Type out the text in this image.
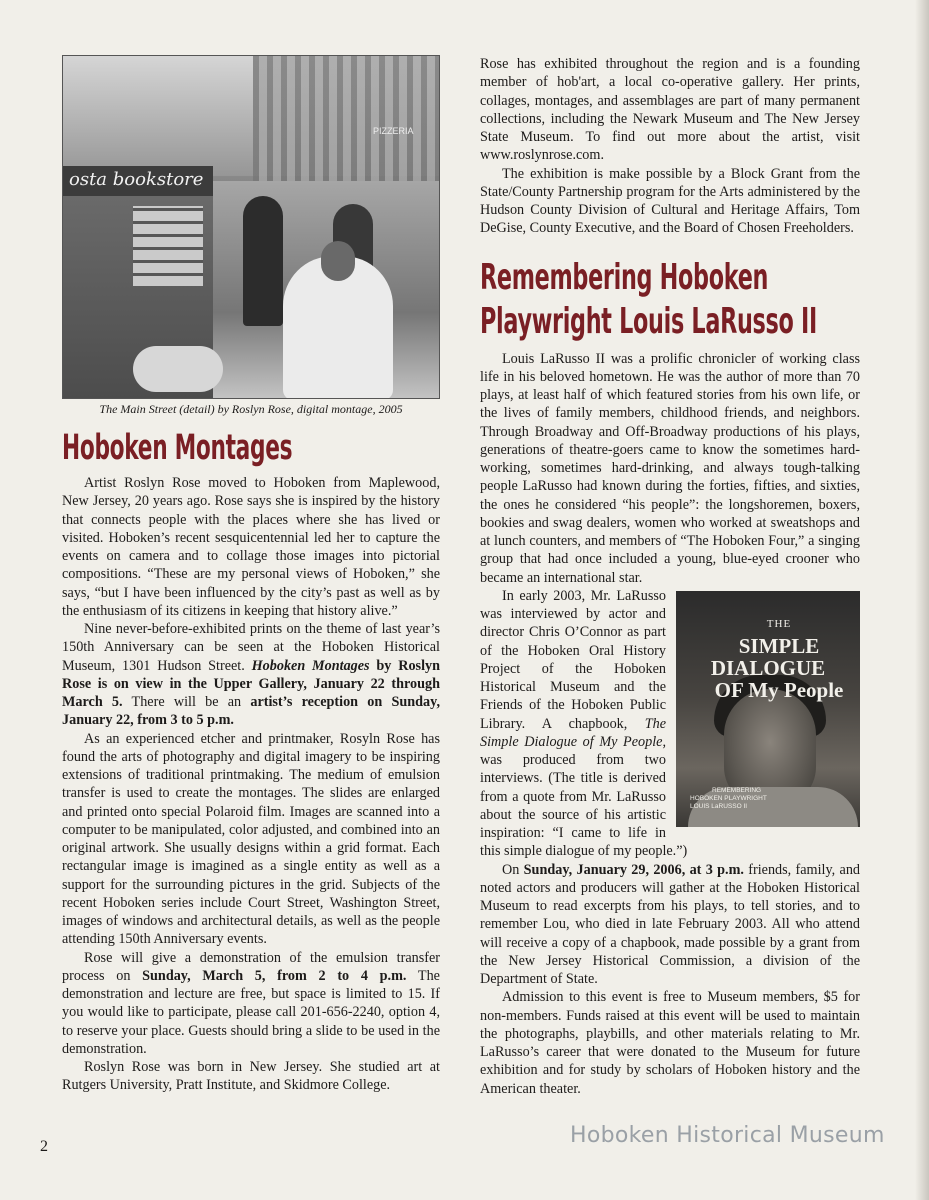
PIZZERIA
osta bookstore
The Main Street (detail) by Roslyn Rose, digital montage, 2005
Hoboken Montages

Artist Roslyn Rose moved to Hoboken from Maplewood, New Jersey, 20 years ago. Rose says she is inspired by the history that connects people with the places where she has lived or visited. Hoboken’s recent sesquicentennial led her to capture the events on camera and to collage those images into pictorial compositions. “These are my personal views of Hoboken,” she says, “but I have been influenced by the city’s past as well as by the enthusiasm of its citizens in keeping that history alive.”

Nine never-before-exhibited prints on the theme of last year’s 150th Anniversary can be seen at the Hoboken Historical Museum, 1301 Hudson Street. Hoboken Montages by Roslyn Rose is on view in the Upper Gallery, January 22 through March 5. There will be an artist’s reception on Sunday, January 22, from 3 to 5 p.m.

As an experienced etcher and printmaker, Rosyln Rose has found the arts of photography and digital imagery to be inspiring extensions of traditional printmaking. The medium of emulsion transfer is used to create the montages. The slides are enlarged and printed onto special Polaroid film. Images are scanned into a computer to be manipulated, color adjusted, and combined into an original artwork. She usually designs within a grid format. Each rectangular image is imagined as a single entity as well as a support for the surrounding pictures in the grid. Subjects of the recent Hoboken series include Court Street, Washington Street, images of windows and architectural details, as well as the people attending 150th Anniversary events.

Rose will give a demonstration of the emulsion transfer process on Sunday, March 5, from 2 to 4 p.m. The demonstration and lecture are free, but space is limited to 15. If you would like to participate, please call 201-656-2240, option 4, to reserve your place. Guests should bring a slide to be used in the demonstration.

Roslyn Rose was born in New Jersey. She studied art at Rutgers University, Pratt Institute, and Skidmore College.

Rose has exhibited throughout the region and is a founding member of hob'art, a local co-operative gallery. Her prints, collages, montages, and assemblages are part of many permanent collections, including the Newark Museum and The New Jersey State Museum. To find out more about the artist, visit www.roslynrose.com.

The exhibition is make possible by a Block Grant from the State/County Partnership program for the Arts administered by the Hudson County Division of Cultural and Heritage Affairs, Tom DeGise, County Executive, and the Board of Chosen Freeholders.

Remembering Hoboken
Playwright Louis LaRusso II

Louis LaRusso II was a prolific chronicler of working class life in his beloved hometown. He was the author of more than 70 plays, at least half of which featured stories from his own life, or the lives of family members, childhood friends, and neighbors. Through Broadway and Off-Broadway productions of his plays, generations of theatre-goers came to know the sometimes hard-working, sometimes hard-drinking, and always tough-talking people LaRusso had known during the forties, fifties, and sixties, the ones he considered “his people”: the longshoremen, boxers, bookies and swag dealers, women who worked at sweatshops and at lunch counters, and members of “The Hoboken Four,” a singing group that had once included a young, blue-eyed crooner who became an international star.

THE
SIMPLE DIALOGUE
OF My People
REMEMBERING
HOBOKEN PLAYWRIGHT
LOUIS LaRUSSO II
In early 2003, Mr. LaRusso was interviewed by actor and director Chris O’Connor as part of the Hoboken Oral History Project of the Hoboken Historical Museum and the Friends of the Hoboken Public Library. A chapbook, The Simple Dialogue of My People, was produced from two interviews. (The title is derived from a quote from Mr. LaRusso about the source of his artistic inspiration: “I came to life in this simple dialogue of my people.”)

On Sunday, January 29, 2006, at 3 p.m. friends, family, and noted actors and producers will gather at the Hoboken Historical Museum to read excerpts from his plays, to tell stories, and to remember Lou, who died in late February 2003. All who attend will receive a copy of a chapbook, made possible by a grant from the New Jersey Historical Commission, a division of the Department of State.

Admission to this event is free to Museum members, $5 for non-members. Funds raised at this event will be used to maintain the photographs, playbills, and other materials relating to Mr. LaRusso’s career that were donated to the Museum for future exhibition and for study by scholars of Hoboken history and the American theater.

2	Hoboken Historical Museum
